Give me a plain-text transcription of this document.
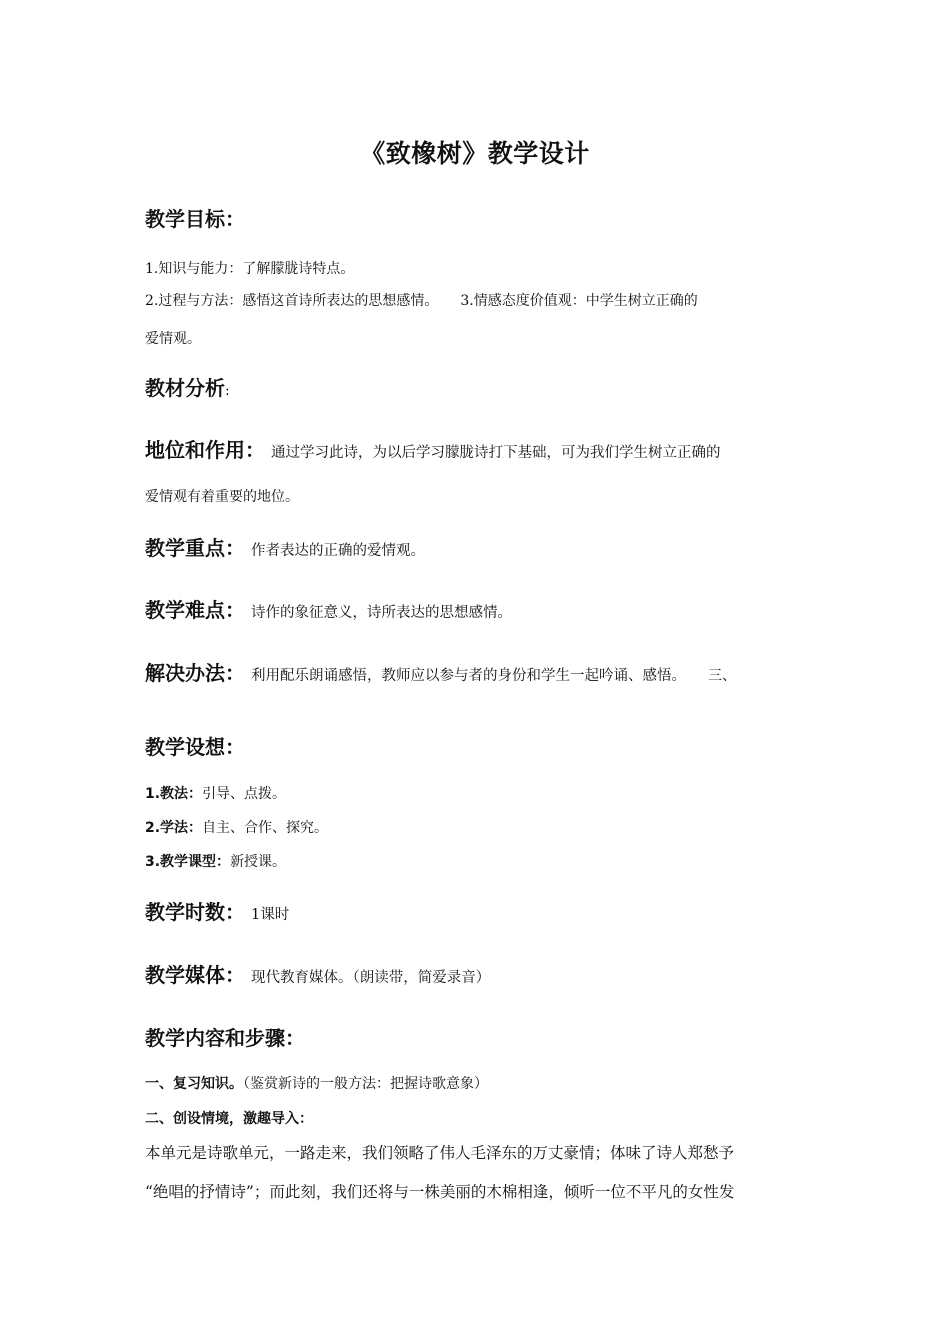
《致橡树》教学设计
教学目标：
1.知识与能力：了解朦胧诗特点。
2.过程与方法：感悟这首诗所表达的思想感情。 3.情感态度价值观：中学生树立正确的
爱情观。
教材分析:
地位和作用： 通过学习此诗，为以后学习朦胧诗打下基础，可为我们学生树立正确的
爱情观有着重要的地位。
教学重点： 作者表达的正确的爱情观。
教学难点： 诗作的象征意义，诗所表达的思想感情。
解决办法： 利用配乐朗诵感悟，教师应以参与者的身份和学生一起吟诵、感悟。 三、
教学设想：
1.教法：引导、点拨。
2.学法：自主、合作、探究。
3.教学课型：新授课。
教学时数： 1课时
教学媒体： 现代教育媒体。（朗读带，简爱录音）
教学内容和步骤：
一、复习知识。（鉴赏新诗的一般方法：把握诗歌意象）
二、创设情境，激趣导入：
本单元是诗歌单元，一路走来，我们领略了伟人毛泽东的万丈豪情；体味了诗人郑愁予
“绝唱的抒情诗”；而此刻，我们还将与一株美丽的木棉相逢，倾听一位不平凡的女性发
